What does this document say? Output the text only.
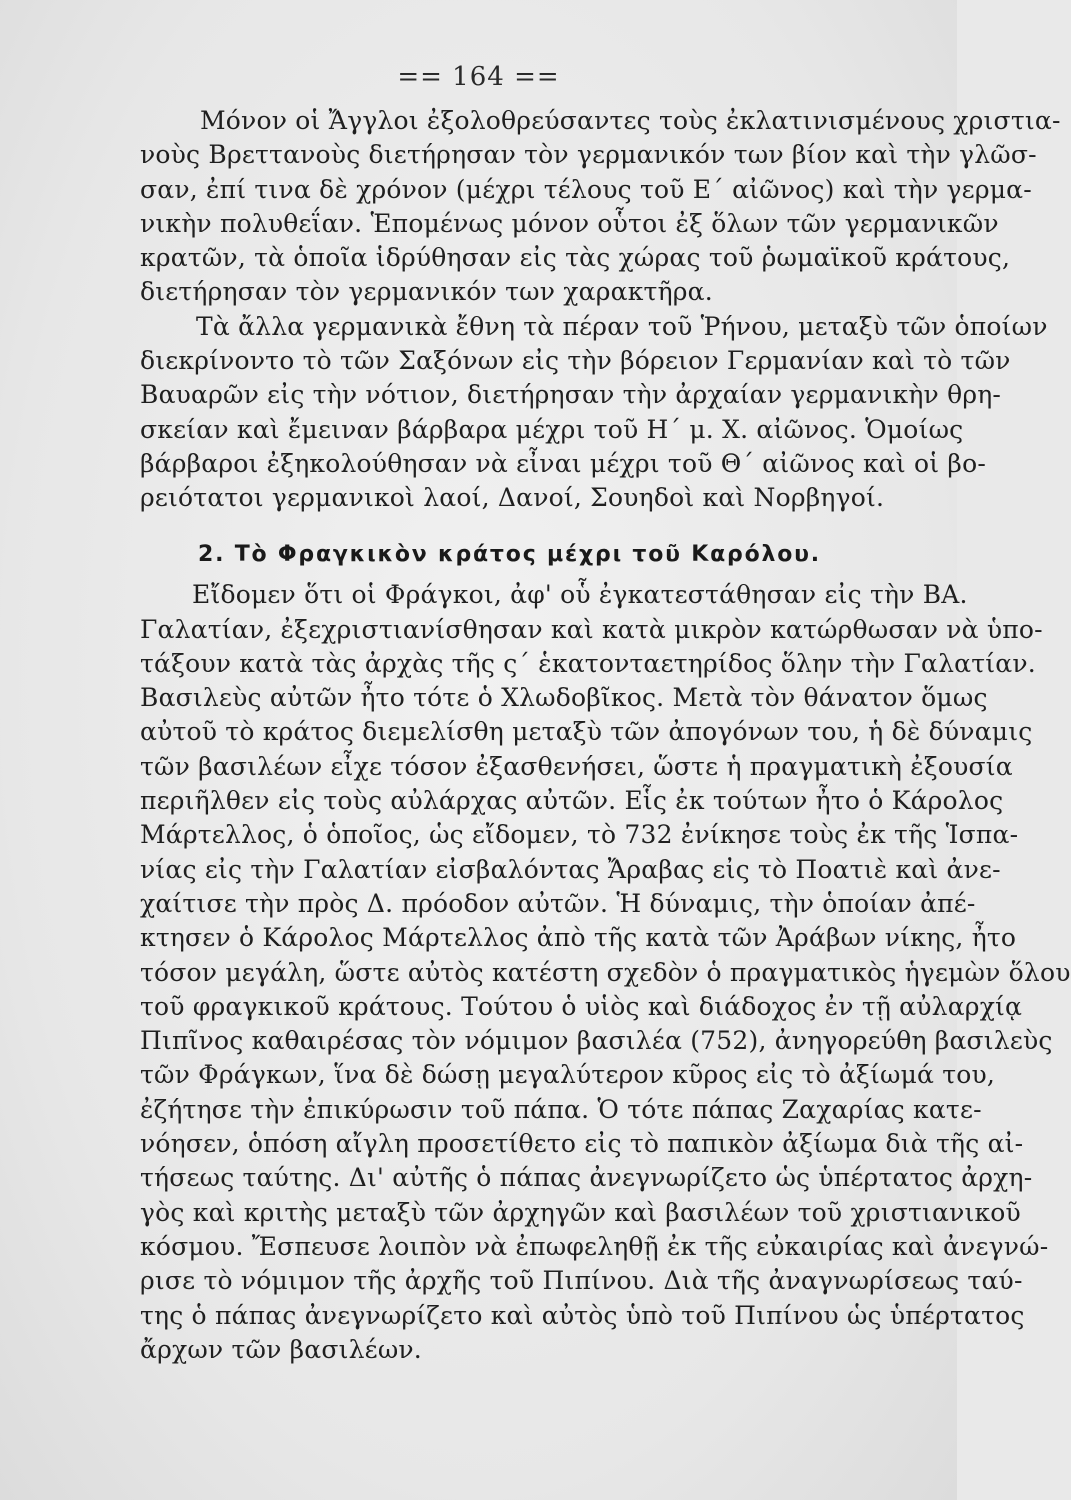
== 164 ==
Μόνον οἱ Ἄγγλοι ἐξολοθρεύσαντες τοὺς ἐκλατινισμένους χριστια-
νοὺς Βρεττανοὺς διετήρησαν τὸν γερμανικόν των βίον καὶ τὴν γλῶσ-
σαν, ἐπί τινα δὲ χρόνον (μέχρι τέλους τοῦ Ε΄ αἰῶνος) καὶ τὴν γερμα-
νικὴν πολυθεΐαν. Ἑπομένως μόνον οὗτοι ἐξ ὅλων τῶν γερμανικῶν
κρατῶν, τὰ ὁποῖα ἱδρύθησαν εἰς τὰς χώρας τοῦ ῥωμαϊκοῦ κράτους,
διετήρησαν τὸν γερμανικόν των χαρακτῆρα.
Τὰ ἄλλα γερμανικὰ ἔθνη τὰ πέραν τοῦ Ῥήνου, μεταξὺ τῶν ὁποίων
διεκρίνοντο τὸ τῶν Σαξόνων εἰς τὴν βόρειον Γερμανίαν καὶ τὸ τῶν
Βαυαρῶν εἰς τὴν νότιον, διετήρησαν τὴν ἀρχαίαν γερμανικὴν θρη-
σκείαν καὶ ἔμειναν βάρβαρα μέχρι τοῦ Η΄ μ. Χ. αἰῶνος. Ὁμοίως
βάρβαροι ἐξηκολούθησαν νὰ εἶναι μέχρι τοῦ Θ΄ αἰῶνος καὶ οἱ βο-
ρειότατοι γερμανικοὶ λαοί, Δανοί, Σουηδοὶ καὶ Νορβηγοί.
2. Τὸ Φραγκικὸν κράτος μέχρι τοῦ Καρόλου.
Εἴδομεν ὅτι οἱ Φράγκοι, ἀφ' οὗ ἐγκατεστάθησαν εἰς τὴν ΒΑ.
Γαλατίαν, ἐξεχριστιανίσθησαν καὶ κατὰ μικρὸν κατώρθωσαν νὰ ὑπο-
τάξουν κατὰ τὰς ἀρχὰς τῆς ς΄ ἑκατονταετηρίδος ὅλην τὴν Γαλατίαν.
Βασιλεὺς αὐτῶν ἦτο τότε ὁ Χλωδοβῖκος. Μετὰ τὸν θάνατον ὅμως
αὐτοῦ τὸ κράτος διεμελίσθη μεταξὺ τῶν ἀπογόνων του, ἡ δὲ δύναμις
τῶν βασιλέων εἶχε τόσον ἐξασθενήσει, ὥστε ἡ πραγματικὴ ἐξουσία
περιῆλθεν εἰς τοὺς αὐλάρχας αὐτῶν. Εἷς ἐκ τούτων ἦτο ὁ Κάρολος
Μάρτελλος, ὁ ὁποῖος, ὡς εἴδομεν, τὸ 732 ἐνίκησε τοὺς ἐκ τῆς Ἱσπα-
νίας εἰς τὴν Γαλατίαν εἰσβαλόντας Ἄραβας εἰς τὸ Ποατιὲ καὶ ἀνε-
χαίτισε τὴν πρὸς Δ. πρόοδον αὐτῶν. Ἡ δύναμις, τὴν ὁποίαν ἀπέ-
κτησεν ὁ Κάρολος Μάρτελλος ἀπὸ τῆς κατὰ τῶν Ἀράβων νίκης, ἦτο
τόσον μεγάλη, ὥστε αὐτὸς κατέστη σχεδὸν ὁ πραγματικὸς ἡγεμὼν ὅλου
τοῦ φραγκικοῦ κράτους. Τούτου ὁ υἱὸς καὶ διάδοχος ἐν τῇ αὐλαρχίᾳ
Πιπῖνος καθαιρέσας τὸν νόμιμον βασιλέα (752), ἀνηγορεύθη βασιλεὺς
τῶν Φράγκων, ἵνα δὲ δώσῃ μεγαλύτερον κῦρος εἰς τὸ ἀξίωμά του,
ἐζήτησε τὴν ἐπικύρωσιν τοῦ πάπα. Ὁ τότε πάπας Ζαχαρίας κατε-
νόησεν, ὁπόση αἴγλη προσετίθετο εἰς τὸ παπικὸν ἀξίωμα διὰ τῆς αἰ-
τήσεως ταύτης. Δι' αὐτῆς ὁ πάπας ἀνεγνωρίζετο ὡς ὑπέρτατος ἀρχη-
γὸς καὶ κριτὴς μεταξὺ τῶν ἀρχηγῶν καὶ βασιλέων τοῦ χριστιανικοῦ
κόσμου. Ἔσπευσε λοιπὸν νὰ ἐπωφεληθῇ ἐκ τῆς εὐκαιρίας καὶ ἀνεγνώ-
ρισε τὸ νόμιμον τῆς ἀρχῆς τοῦ Πιπίνου. Διὰ τῆς ἀναγνωρίσεως ταύ-
της ὁ πάπας ἀνεγνωρίζετο καὶ αὐτὸς ὑπὸ τοῦ Πιπίνου ὡς ὑπέρτατος
ἄρχων τῶν βασιλέων.
